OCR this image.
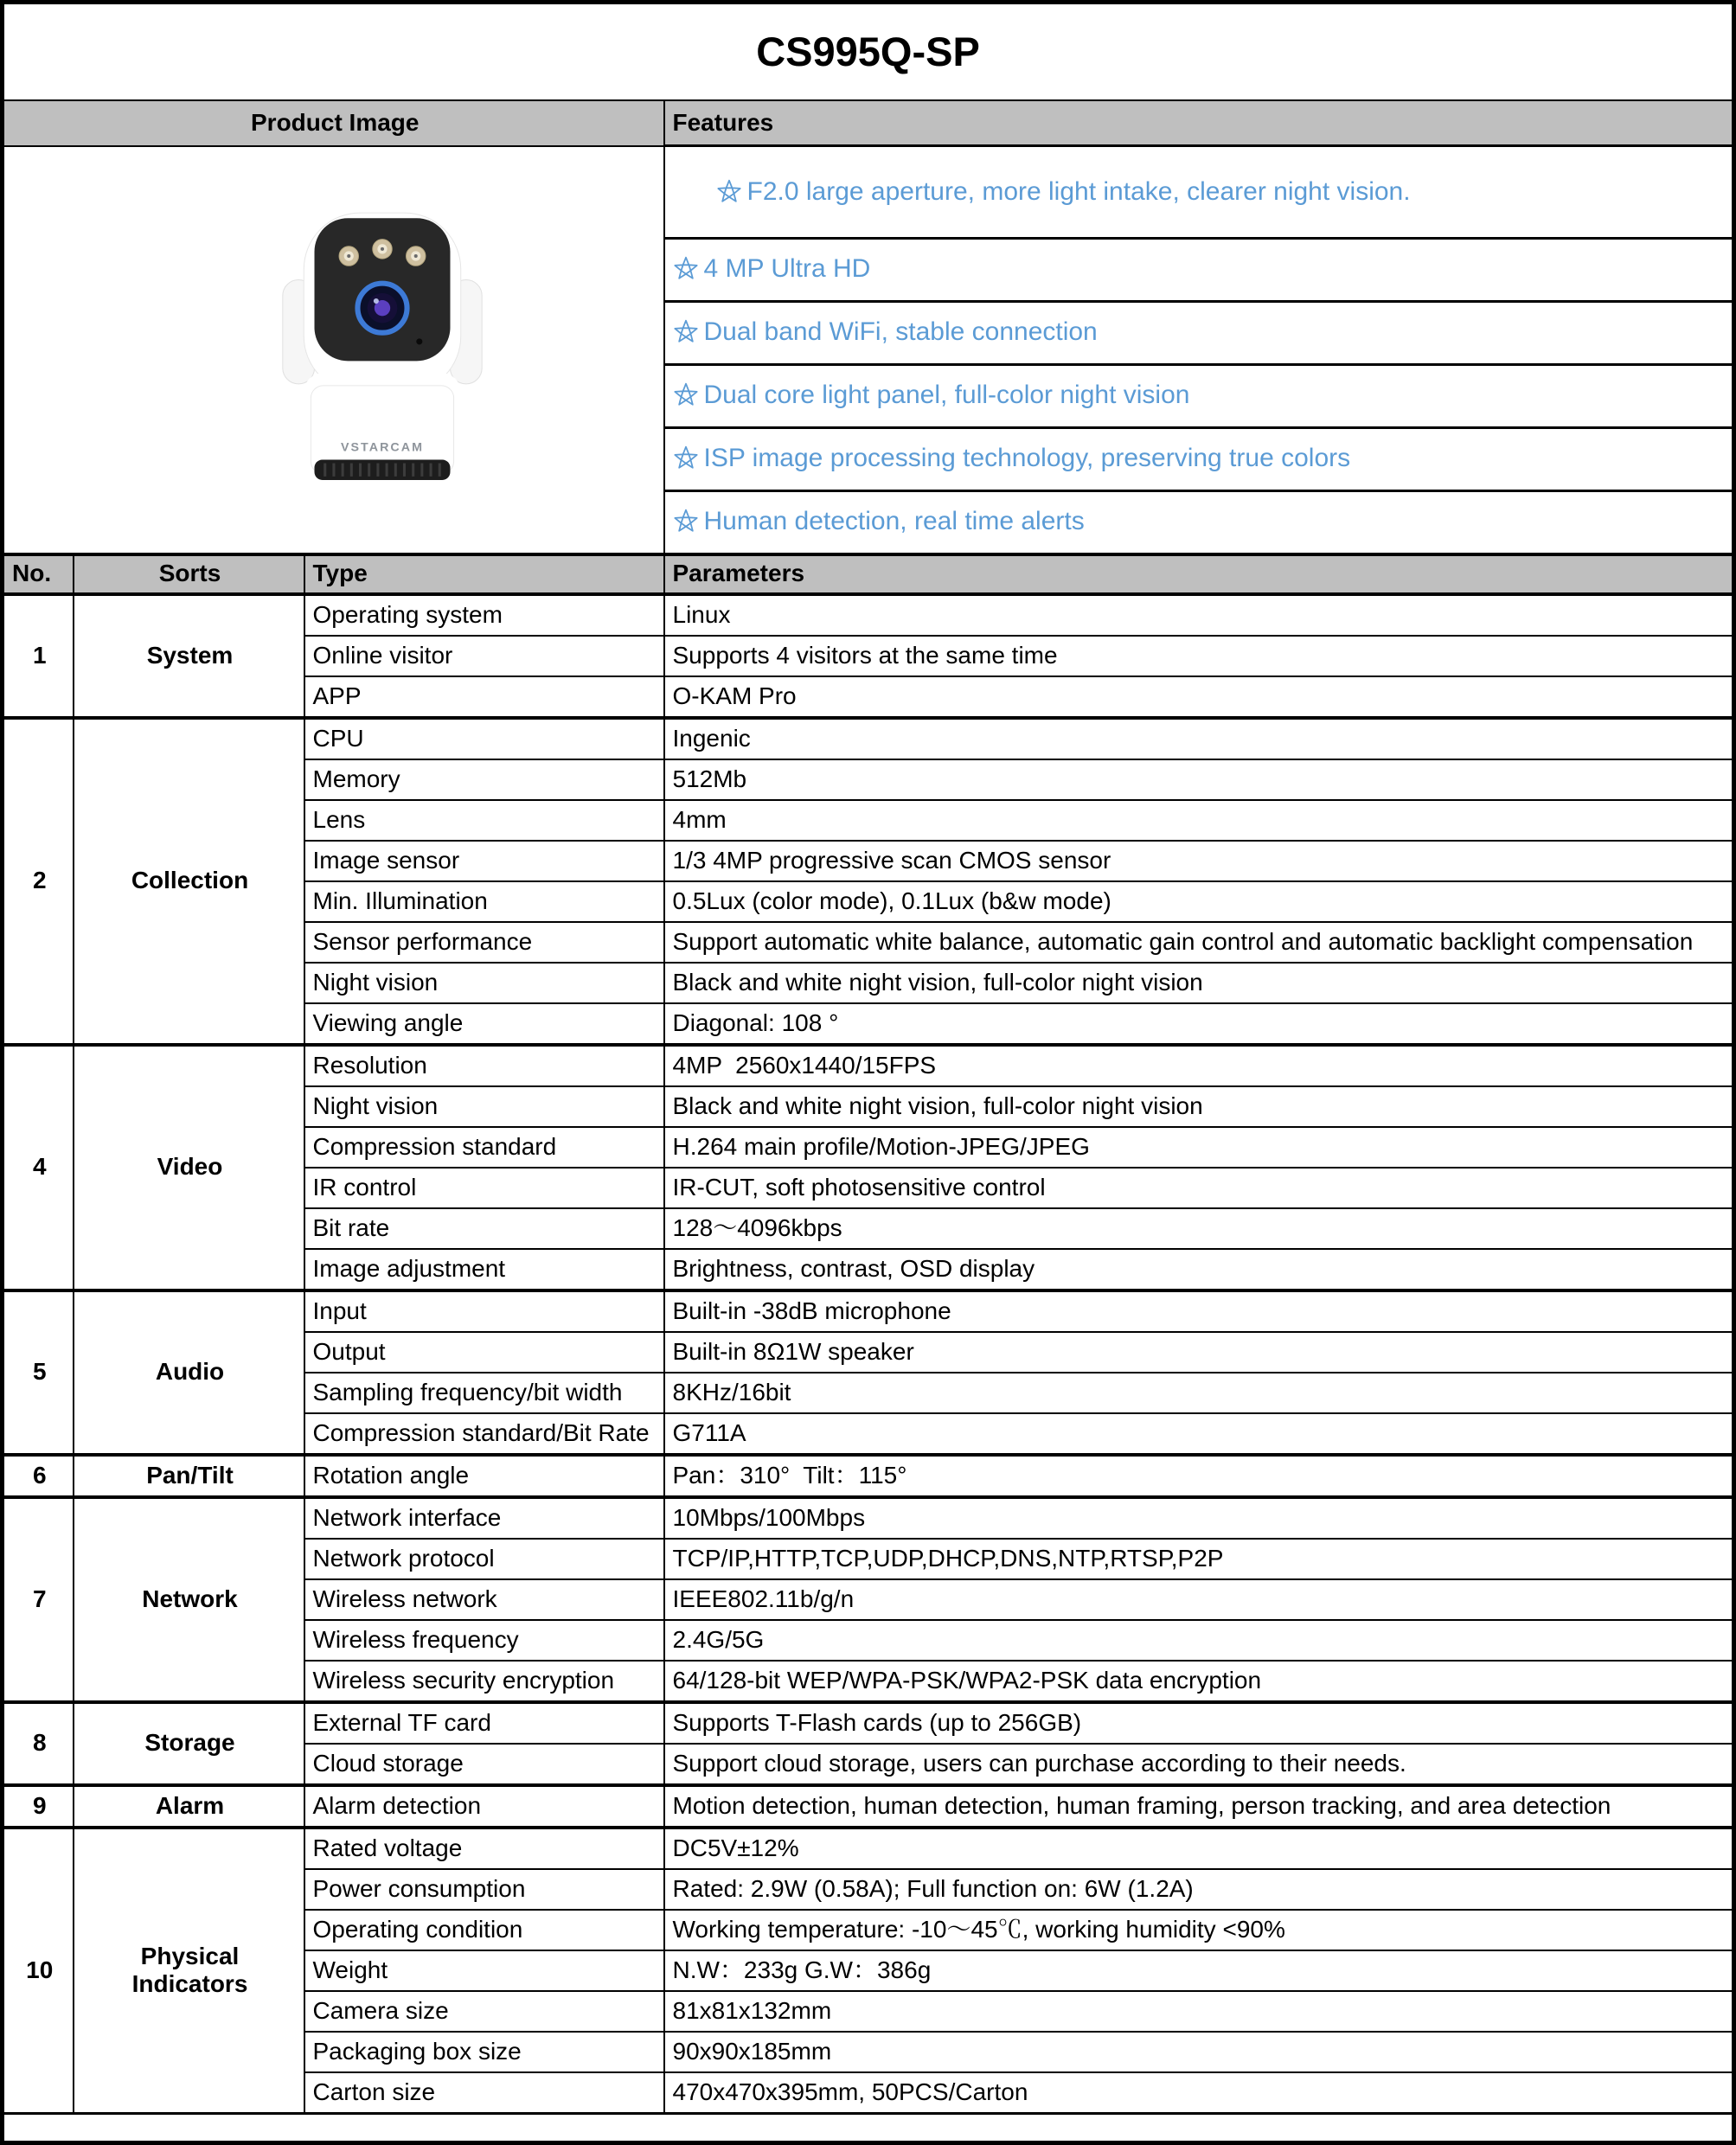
CS995Q-SP			
Product Image			Features

VSTARCAM			F2.0 large aperture, more light intake, clearer night vision.

			4 MP Ultra HD
			Dual band WiFi, stable connection
			Dual core light panel, full-color night vision
			ISP image processing technology, preserving true colors
			Human detection, real time alerts
No.	Sorts	Type	Parameters
1	System	Operating system	Linux
		Online visitor	Supports 4 visitors at the same time
		APP	O-KAM Pro
2	Collection	CPU	Ingenic
		Memory	512Mb
		Lens	4mm
		Image sensor	1/3 4MP progressive scan CMOS sensor
		Min. Illumination	0.5Lux (color mode), 0.1Lux (b&w mode)
		Sensor performance	Support automatic white balance, automatic gain control and automatic backlight compensation
		Night vision	Black and white night vision, full-color night vision
		Viewing angle	Diagonal: 108 °
4	Video	Resolution	4MP  2560x1440/15FPS
		Night vision	Black and white night vision, full-color night vision
		Compression standard	H.264 main profile/Motion-JPEG/JPEG
		IR control	IR-CUT, soft photosensitive control
		Bit rate	128～4096kbps
		Image adjustment	Brightness, contrast, OSD display
5	Audio	Input	Built-in -38dB microphone
		Output	Built-in 8Ω1W speaker
		Sampling frequency/bit width	8KHz/16bit
		Compression standard/Bit Rate	G711A
6	Pan/Tilt	Rotation angle	Pan：310°  Tilt：115°
7	Network	Network interface	10Mbps/100Mbps
		Network protocol	TCP/IP,HTTP,TCP,UDP,DHCP,DNS,NTP,RTSP,P2P
		Wireless network	IEEE802.11b/g/n
		Wireless frequency	2.4G/5G
		Wireless security encryption	64/128-bit WEP/WPA-PSK/WPA2-PSK data encryption
8	Storage	External TF card	Supports T-Flash cards (up to 256GB)
		Cloud storage	Support cloud storage, users can purchase according to their needs.
9	Alarm	Alarm detection	Motion detection, human detection, human framing, person tracking, and area detection
10	Physical Indicators	Rated voltage	DC5V±12%
		Power consumption	Rated: 2.9W (0.58A); Full function on: 6W (1.2A)
		Operating condition	Working temperature: -10～45℃, working humidity <90%
		Weight	N.W：233g G.W：386g
		Camera size	81x81x132mm
		Packaging box size	90x90x185mm
		Carton size	470x470x395mm, 50PCS/Carton
